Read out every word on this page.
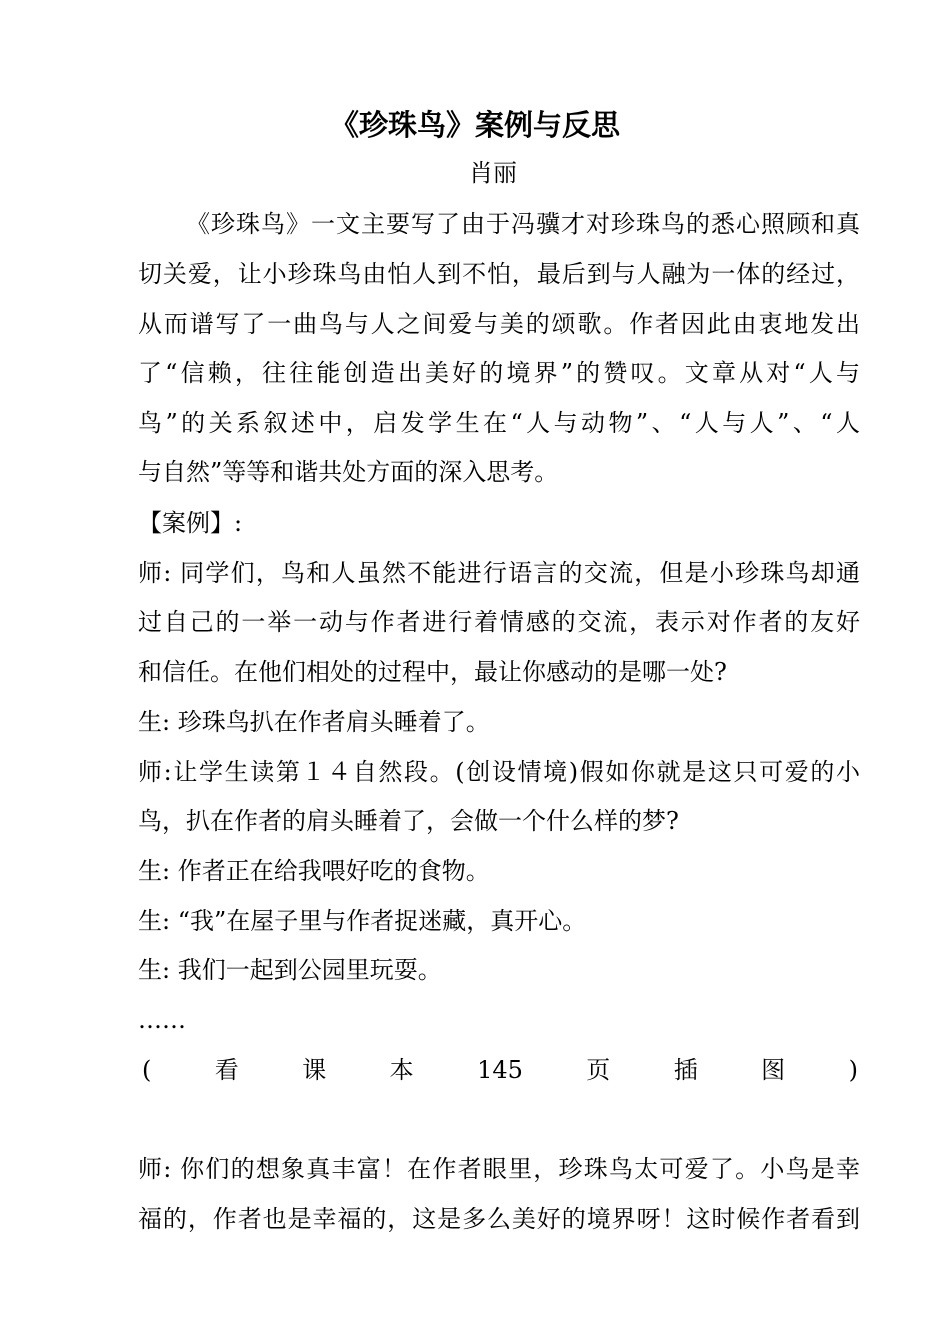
《珍珠鸟》案例与反思
肖丽
《珍珠鸟》一文主要写了由于冯骥才对珍珠鸟的悉心照顾和真
切关爱，让小珍珠鸟由怕人到不怕，最后到与人融为一体的经过，
从而谱写了一曲鸟与人之间爱与美的颂歌。作者因此由衷地发出
了“信赖，往往能创造出美好的境界”的赞叹。文章从对“人与
鸟”的关系叙述中，启发学生在“人与动物”、“人与人”、“人
与自然”等等和谐共处方面的深入思考。
【案例】:
师: 同学们，鸟和人虽然不能进行语言的交流，但是小珍珠鸟却通
过自己的一举一动与作者进行着情感的交流，表示对作者的友好
和信任。在他们相处的过程中，最让你感动的是哪一处?
生: 珍珠鸟扒在作者肩头睡着了。
师:让学生读第１４自然段。(创设情境)假如你就是这只可爱的小
鸟，扒在作者的肩头睡着了，会做一个什么样的梦?
生: 作者正在给我喂好吃的食物。
生: “我”在屋子里与作者捉迷藏，真开心。
生: 我们一起到公园里玩耍。
……
(	看	课	本	145	页	插	图	)
师: 你们的想象真丰富！在作者眼里，珍珠鸟太可爱了。小鸟是幸
福的，作者也是幸福的，这是多么美好的境界呀！这时候作者看到
